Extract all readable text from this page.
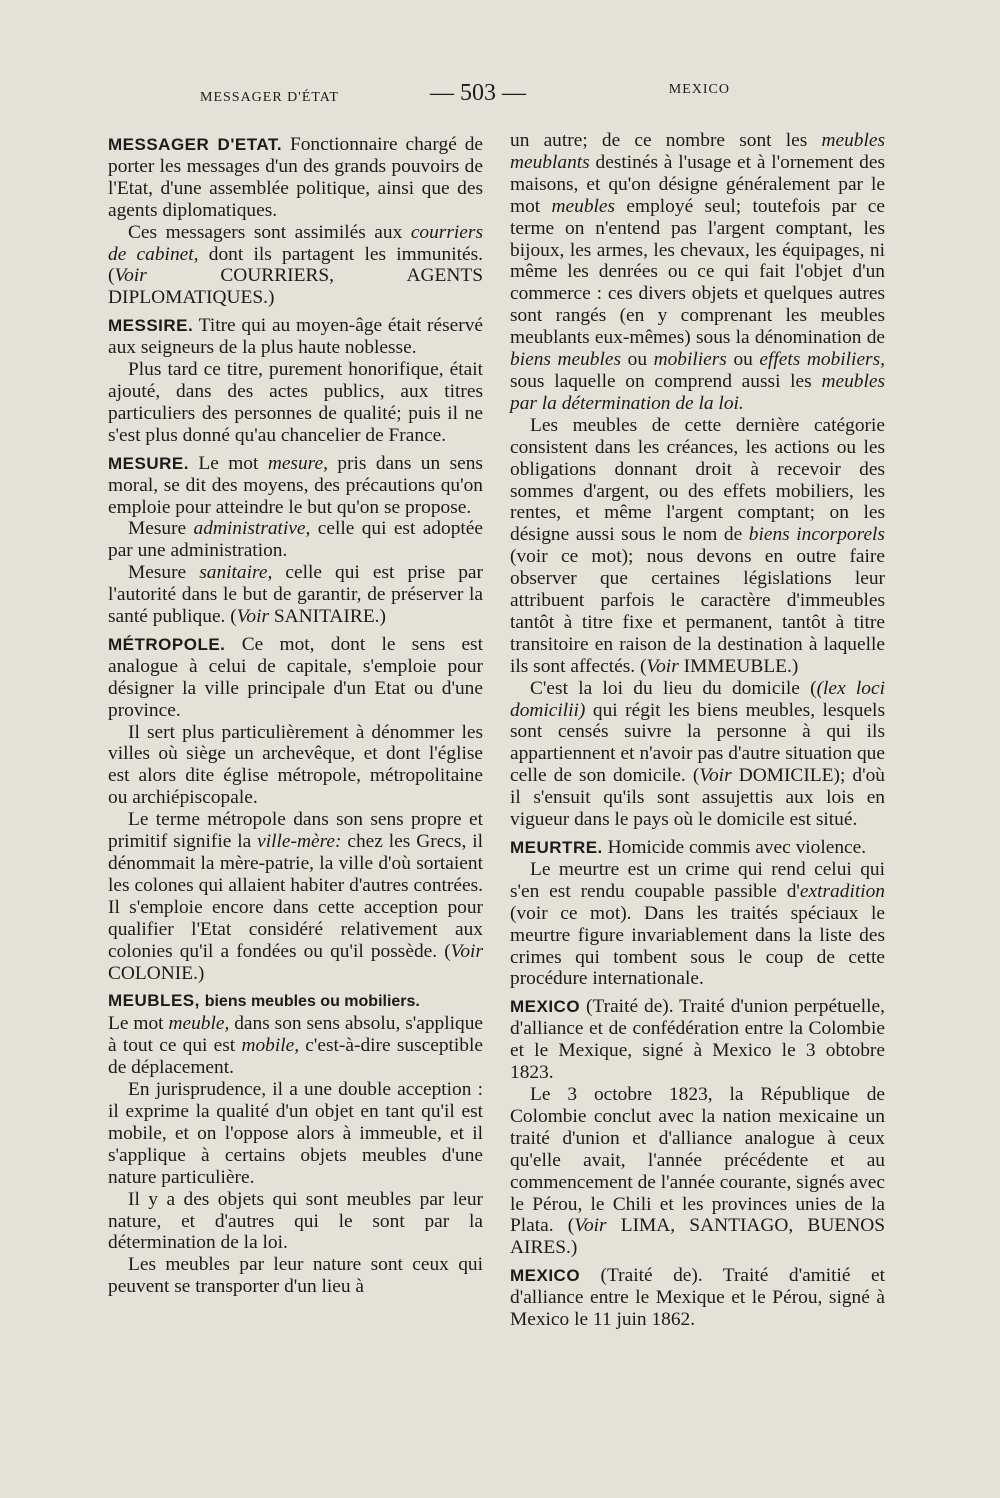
MESSAGER D'ÉTAT	— 503 —	MEXICO

MESSAGER D'ETAT. Fonctionnaire chargé de porter les messages d'un des grands pouvoirs de l'Etat, d'une assemblée politique, ainsi que des agents diplomatiques.

Ces messagers sont assimilés aux courriers de cabinet, dont ils partagent les immunités. (Voir	COURRIERS, AGENTS DIPLOMATIQUES.)

MESSIRE. Titre qui au moyen-âge était réservé aux seigneurs de la plus haute noblesse.

Plus tard ce titre, purement honorifique, était ajouté, dans des actes publics, aux titres particuliers des personnes de qualité; puis il ne s'est plus donné qu'au chancelier de France.

MESURE. Le mot mesure, pris dans un sens moral, se dit des moyens, des précautions qu'on emploie pour atteindre le but qu'on se propose.

Mesure administrative, celle qui est adoptée par une administration.

Mesure sanitaire, celle qui est prise par l'autorité dans le but de garantir, de préserver la santé publique. (Voir SANITAIRE.)

MÉTROPOLE. Ce mot, dont le sens est analogue à celui de capitale, s'emploie pour désigner la ville principale d'un Etat ou d'une province.

Il sert plus particulièrement à dénommer les villes où siège un archevêque, et dont l'église est alors dite église métropole, métropolitaine ou archiépiscopale.

Le terme métropole dans son sens propre et primitif signifie la ville-mère: chez les Grecs, il dénommait la mère-patrie, la ville d'où sortaient les colones qui allaient habiter d'autres contrées. Il s'emploie encore dans cette acception pour qualifier l'Etat considéré relativement aux colonies qu'il a fondées ou qu'il possède. (Voir COLONIE.)

MEUBLES, biens meubles ou mobiliers.

Le mot meuble, dans son sens absolu, s'applique à tout ce qui est mobile, c'est-à-dire susceptible de déplacement.

En jurisprudence, il a une double acception : il exprime la qualité d'un objet en tant qu'il est mobile, et on l'oppose alors à immeuble, et il s'applique à certains objets meubles d'une nature particulière.

Il y a des objets qui sont meubles par leur nature, et d'autres qui le sont par la détermination de la loi.

Les meubles par leur nature sont ceux qui peuvent se transporter d'un lieu à

un autre; de ce nombre sont les meubles meublants destinés à l'usage et à l'ornement des maisons, et qu'on désigne généralement par le mot meubles employé seul; toutefois par ce terme on n'entend pas l'argent comptant, les bijoux, les armes, les chevaux, les équipages, ni même les denrées ou ce qui fait l'objet d'un commerce : ces divers objets et quelques autres sont rangés (en y comprenant les meubles meublants eux-mêmes) sous la dénomination de biens meubles ou mobiliers ou effets mobiliers, sous laquelle on comprend aussi les meubles par la détermination de la loi.

Les meubles de cette dernière catégorie consistent dans les créances, les actions ou les obligations donnant droit à recevoir des sommes d'argent, ou des effets mobiliers, les rentes, et même l'argent comptant; on les désigne aussi sous le nom de biens incorporels (voir ce mot); nous devons en outre faire observer que certaines législations leur attribuent parfois le caractère d'immeubles tantôt à titre fixe et permanent, tantôt à titre transitoire en raison de la destination à laquelle ils sont affectés. (Voir IMMEUBLE.)

C'est la loi du lieu du domicile ((lex loci domicilii) qui régit les biens meubles, lesquels sont censés suivre la personne à qui ils appartiennent et n'avoir pas d'autre situation que celle de son domicile. (Voir DOMICILE); d'où il s'ensuit qu'ils sont assujettis aux lois en vigueur dans le pays où le domicile est situé.

MEURTRE. Homicide commis avec violence.

Le meurtre est un crime qui rend celui qui s'en est rendu coupable passible d'extradition (voir ce mot). Dans les traités spéciaux le meurtre figure invariablement dans la liste des crimes qui tombent sous le coup de cette procédure internationale.

MEXICO (Traité de). Traité d'union perpétuelle, d'alliance et de confédération entre la Colombie et le Mexique, signé à Mexico le 3 obtobre 1823.

Le 3 octobre 1823, la République de Colombie conclut avec la nation mexicaine un traité d'union et d'alliance analogue à ceux qu'elle avait, l'année précédente et au commencement de l'année courante, signés avec le Pérou, le Chili et les provinces unies de la Plata. (Voir LIMA, SANTIAGO, BUENOS AIRES.)

MEXICO (Traité de). Traité d'amitié et d'alliance entre le Mexique et le Pérou, signé à Mexico le 11 juin 1862.
